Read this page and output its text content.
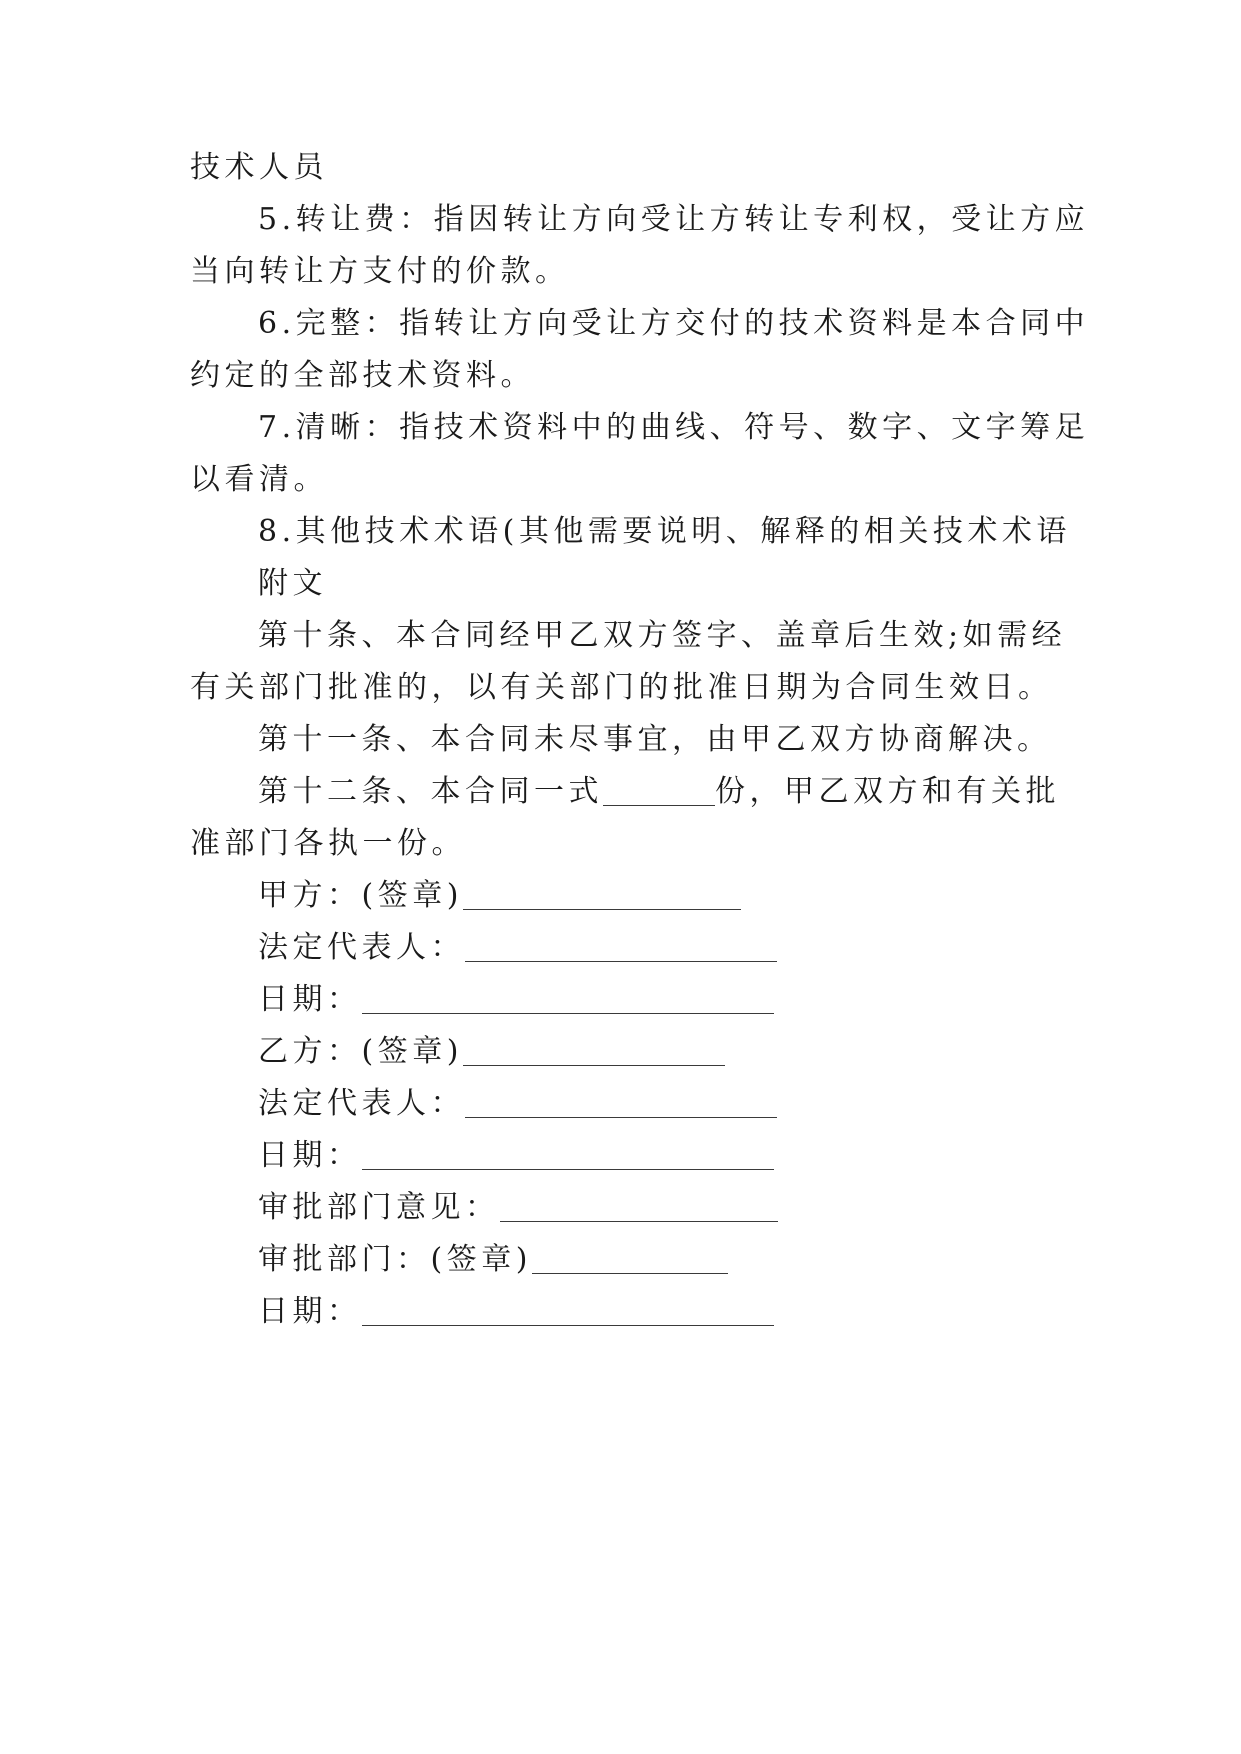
技术人员
5.转让费：指因转让方向受让方转让专利权，受让方应
当向转让方支付的价款。
6.完整：指转让方向受让方交付的技术资料是本合同中
约定的全部技术资料。
7.清晰：指技术资料中的曲线、符号、数字、文字筹足
以看清。
8.其他技术术语(其他需要说明、解释的相关技术术语
附文
第十条、本合同经甲乙双方签字、盖章后生效;如需经
有关部门批准的，以有关部门的批准日期为合同生效日。
第十一条、本合同未尽事宜，由甲乙双方协商解决。
第十二条、本合同一式	份，甲乙双方和有关批
准部门各执一份。
甲方：(签章)
法定代表人：
日期：
乙方：(签章)
法定代表人：
日期：
审批部门意见：
审批部门：(签章)
日期：
